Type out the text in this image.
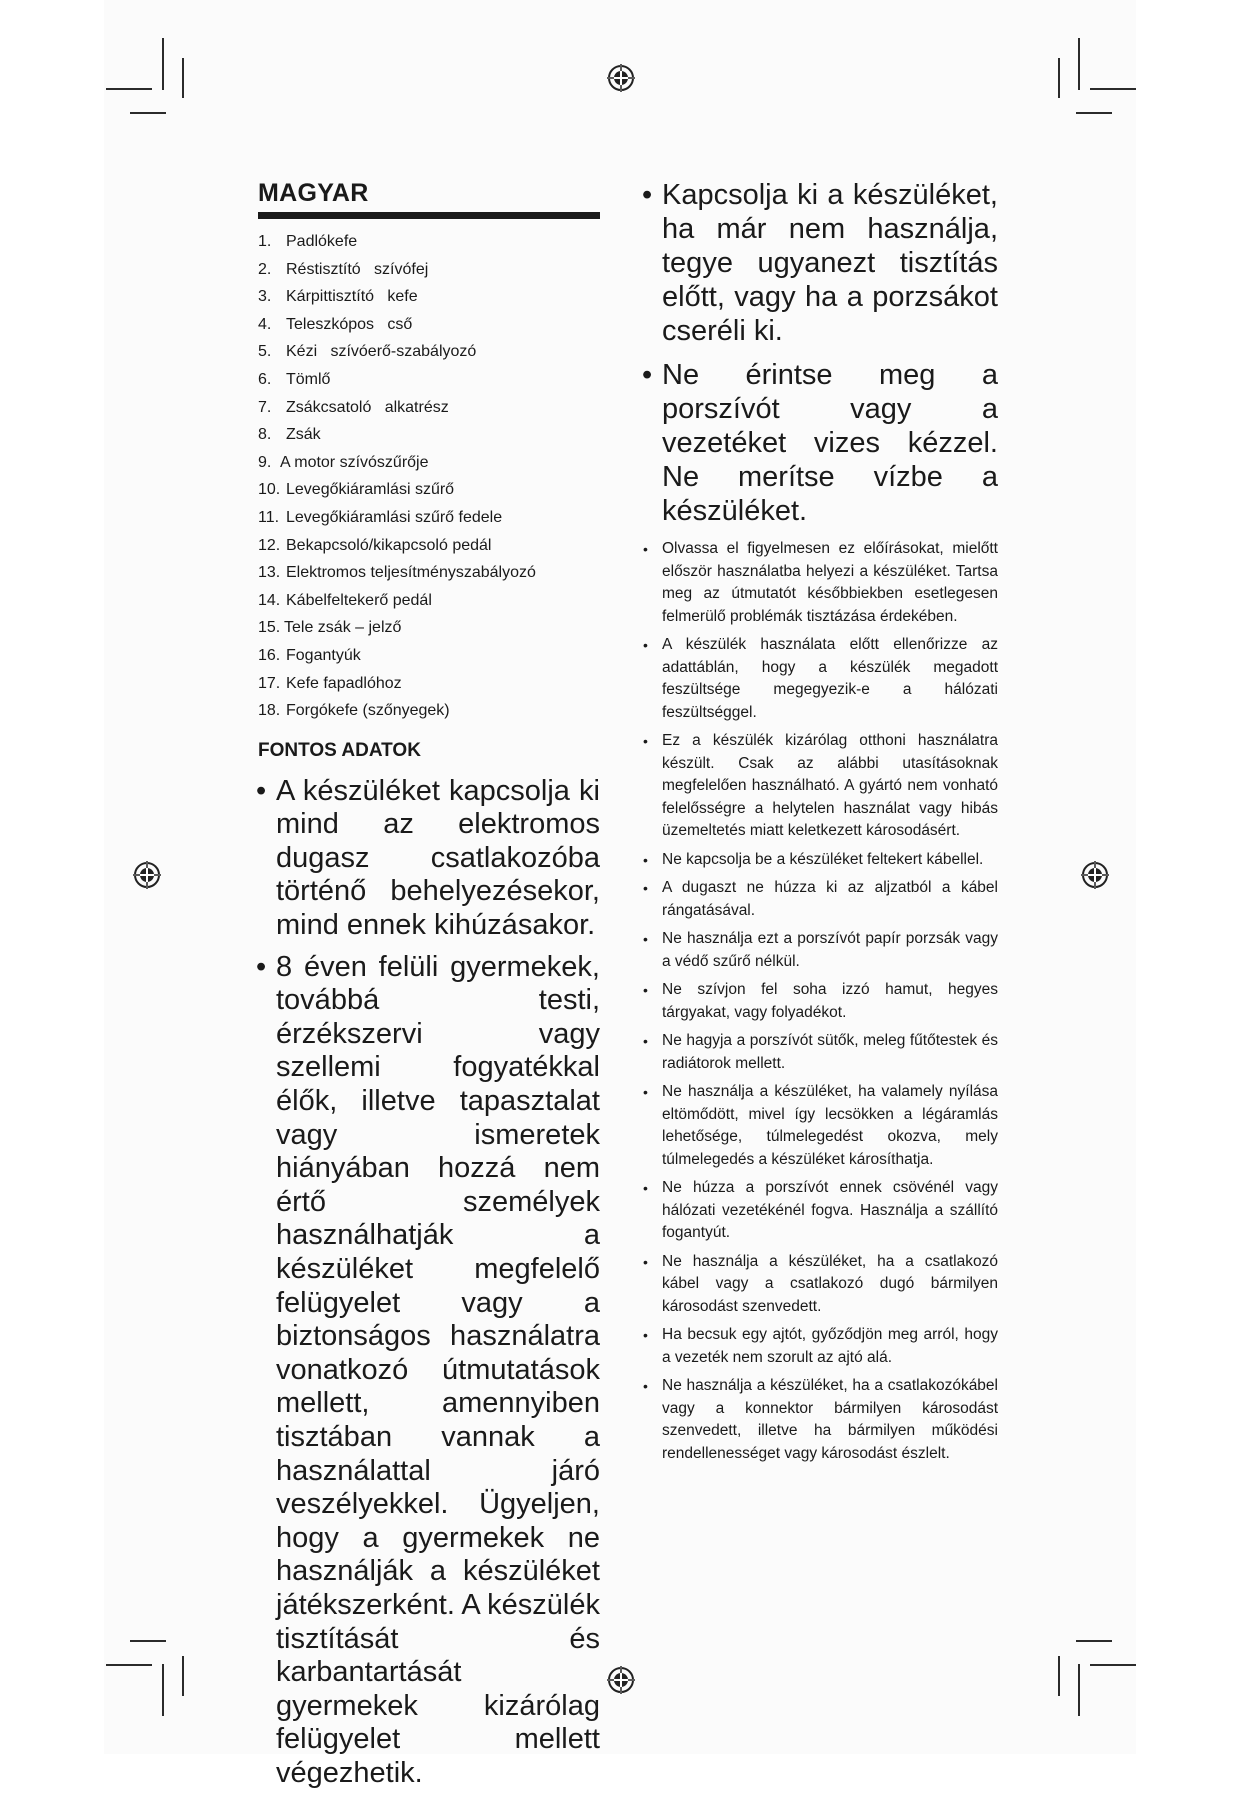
MAGYAR
1. Padlókefe
2. Réstisztító   szívófej
3. Kárpittisztító   kefe
4. Teleszkópos   cső
5. Kézi   szívóerő-szabályozó
6. Tömlő
7. Zsákcsatoló   alkatrész
8. Zsák
9. A motor szívószűrője
10. Levegőkiáramlási szűrő
11. Levegőkiáramlási szűrő fedele
12. Bekapcsoló/kikapcsoló pedál
13. Elektromos teljesítményszabályozó
14. Kábelfeltekerő pedál
15. Tele zsák – jelző
16. Fogantyúk
17. Kefe fapadlóhoz
18. Forgókefe (szőnyegek)
FONTOS ADATOK

• A készüléket kapcsolja ki mind az elektromos dugasz csatlakozóba történő behelyezésekor, mind ennek kihúzásakor.

• 8 éven felüli gyermekek, továbbá testi, érzékszervi vagy szellemi fogyatékkal élők, illetve tapasztalat vagy ismeretek hiányában hozzá nem értő személyek használhatják a készüléket megfelelő felügyelet vagy a biztonságos használatra vonatkozó útmutatások mellett, amennyiben tisztában vannak a használattal járó veszélyekkel. Ügyeljen, hogy a gyermekek ne használják a készüléket játékszerként. A készülék tisztítását és karbantartását gyermekek kizárólag felügyelet mellett végezhetik.

• Kapcsolja ki a készüléket, ha már nem használja, tegye ugyanezt tisztítás előtt, vagy ha a porzsákot cseréli ki.

• Ne érintse meg a porszívót vagy a vezetéket vizes kézzel. Ne merítse vízbe a készüléket.

• Olvassa el figyelmesen ez előírásokat, mielőtt először használatba helyezi a készüléket. Tartsa meg az útmutatót későbbiekben esetlegesen felmerülő problémák tisztázása érdekében.

• A készülék használata előtt ellenőrizze az adattáblán, hogy a készülék megadott feszültsége megegyezik-e a hálózati feszültséggel.

• Ez a készülék kizárólag otthoni használatra készült. Csak az alábbi utasításoknak megfelelően használható. A gyártó nem vonható felelősségre a helytelen használat vagy hibás üzemeltetés miatt keletkezett károsodásért.

• Ne kapcsolja be a készüléket feltekert kábellel.

• A dugaszt ne húzza ki az aljzatból a kábel rángatásával.

• Ne használja ezt a porszívót papír porzsák vagy a védő szűrő nélkül.

• Ne szívjon fel soha izzó hamut, hegyes tárgyakat, vagy folyadékot.

• Ne hagyja a porszívót sütők, meleg fűtőtestek és radiátorok mellett.

• Ne használja a készüléket, ha valamely nyílása eltömődött, mivel így lecsökken a légáramlás lehetősége, túlmelegedést okozva, mely túlmelegedés a készüléket károsíthatja.

• Ne húzza a porszívót ennek csövénél vagy hálózati vezetékénél fogva. Használja a szállító fogantyút.

• Ne használja a készüléket, ha a csatlakozó kábel vagy a csatlakozó dugó bármilyen károsodást szenvedett.

• Ha becsuk egy ajtót, győződjön meg arról, hogy a vezeték nem szorult az ajtó alá.

• Ne használja a készüléket, ha a csatlakozókábel vagy a konnektor bármilyen károsodást szenvedett, illetve ha bármilyen működési rendellenességet vagy károsodást észlelt.
